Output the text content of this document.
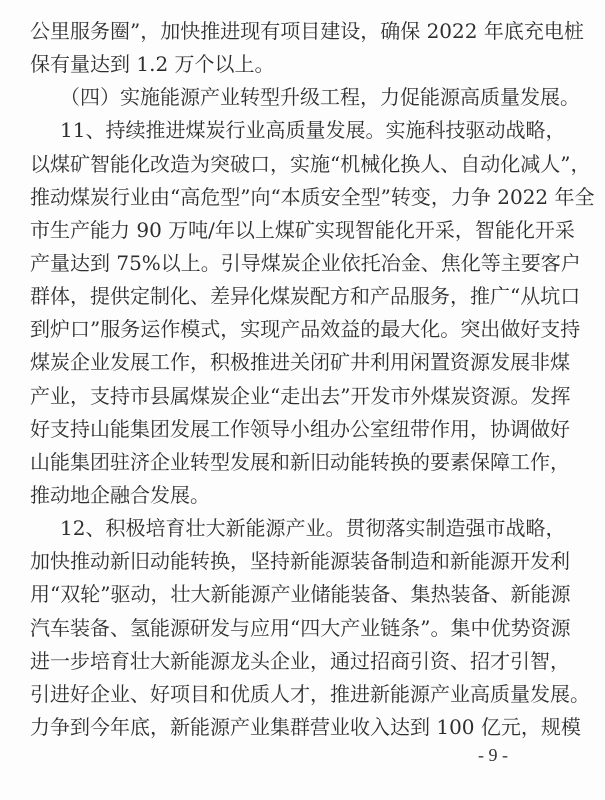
公里服务圈”，加快推进现有项目建设，确保 2022 年底充电桩
保有量达到 1.2 万个以上。
（四）实施能源产业转型升级工程，力促能源高质量发展。
11、持续推进煤炭行业高质量发展。实施科技驱动战略，
以煤矿智能化改造为突破口，实施“机械化换人、自动化减人”，
推动煤炭行业由“高危型”向“本质安全型”转变，力争 2022 年全
市生产能力 90 万吨/年以上煤矿实现智能化开采，智能化开采
产量达到 75%以上。引导煤炭企业依托冶金、焦化等主要客户
群体，提供定制化、差异化煤炭配方和产品服务，推广“从坑口
到炉口”服务运作模式，实现产品效益的最大化。突出做好支持
煤炭企业发展工作，积极推进关闭矿井利用闲置资源发展非煤
产业，支持市县属煤炭企业“走出去”开发市外煤炭资源。发挥
好支持山能集团发展工作领导小组办公室纽带作用，协调做好
山能集团驻济企业转型发展和新旧动能转换的要素保障工作，
推动地企融合发展。
12、积极培育壮大新能源产业。贯彻落实制造强市战略，
加快推动新旧动能转换，坚持新能源装备制造和新能源开发利
用“双轮”驱动，壮大新能源产业储能装备、集热装备、新能源
汽车装备、氢能源研发与应用“四大产业链条”。集中优势资源
进一步培育壮大新能源龙头企业，通过招商引资、招才引智，
引进好企业、好项目和优质人才，推进新能源产业高质量发展。
力争到今年底，新能源产业集群营业收入达到 100 亿元，规模
- 9 -
